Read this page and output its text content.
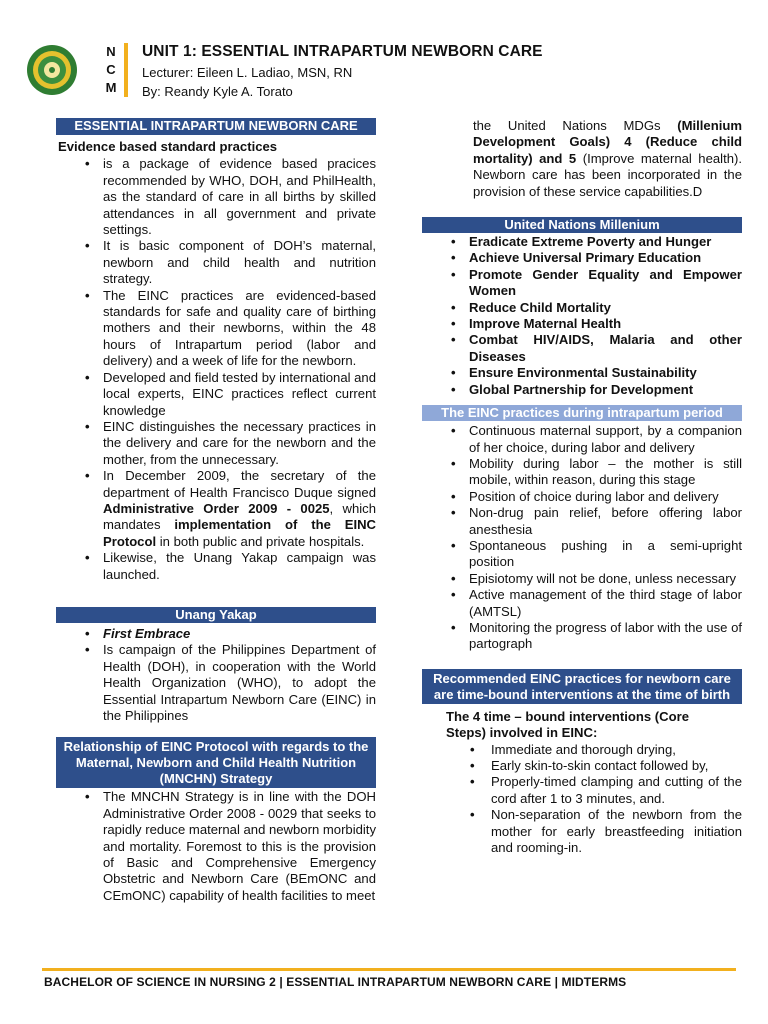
N
C
M
UNIT 1: ESSENTIAL INTRAPARTUM NEWBORN CARE
Lecturer: Eileen L. Ladiao, MSN, RN
By: Reandy Kyle A. Torato
ESSENTIAL INTRAPARTUM NEWBORN CARE
Evidence based standard practices
• is a package of evidence based pracices recommended by WHO, DOH, and PhilHealth, as the standard of care in all births by skilled attendances in all government and private settings.
• It is basic component of DOH’s maternal, newborn and child health and nutrition strategy.
• The EINC practices are evidenced-based standards for safe and quality care of birthing mothers and their newborns, within the 48 hours of Intrapartum period (labor and delivery) and a week of life for the newborn.
• Developed and field tested by international and local experts, EINC practices reflect current knowledge
• EINC distinguishes the necessary practices in the delivery and care for the newborn and the mother, from the unnecessary.
• In December 2009, the secretary of the department of Health Francisco Duque signed Administrative Order 2009 - 0025, which mandates implementation of the EINC Protocol in both public and private hospitals.
• Likewise, the Unang Yakap campaign was launched.
Unang Yakap
• First Embrace
• Is campaign of the Philippines Department of Health (DOH), in cooperation with the World Health Organization (WHO), to adopt the Essential Intrapartum Newborn Care (EINC) in the Philippines
Relationship of EINC Protocol with regards to the Maternal, Newborn and Child Health Nutrition (MNCHN) Strategy
• The MNCHN Strategy is in line with the DOH Administrative Order 2008 - 0029 that seeks to rapidly reduce maternal and newborn morbidity and mortality. Foremost to this is the provision of Basic and Comprehensive Emergency Obstetric and Newborn Care (BEmONC and CEmONC) capability of health facilities to meet
the United Nations MDGs (Millenium Development Goals) 4 (Reduce child mortality) and 5 (Improve maternal health). Newborn care has been incorporated in the provision of these service capabilities.D
United Nations Millenium
• Eradicate Extreme Poverty and Hunger
• Achieve Universal Primary Education
• Promote Gender Equality and Empower Women
• Reduce Child Mortality
• Improve Maternal Health
• Combat HIV/AIDS, Malaria and other Diseases
• Ensure Environmental Sustainability
• Global Partnership for Development
The EINC practices during intrapartum period
• Continuous maternal support, by a companion of her choice, during labor and delivery
• Mobility during labor – the mother is still mobile, within reason, during this stage
• Position of choice during labor and delivery
• Non-drug pain relief, before offering labor anesthesia
• Spontaneous pushing in a semi-upright position
• Episiotomy will not be done, unless necessary
• Active management of the third stage of labor (AMTSL)
• Monitoring the progress of labor with the use of partograph
Recommended EINC practices for newborn care are time-bound interventions at the time of birth
The 4 time – bound interventions (Core Steps) involved in EINC:
• Immediate and thorough drying,
• Early skin-to-skin contact followed by,
• Properly-timed clamping and cutting of the cord after 1 to 3 minutes, and.
• Non-separation of the newborn from the mother for early breastfeeding initiation and rooming-in.
BACHELOR OF SCIENCE IN NURSING 2 | ESSENTIAL INTRAPARTUM NEWBORN CARE | MIDTERMS
